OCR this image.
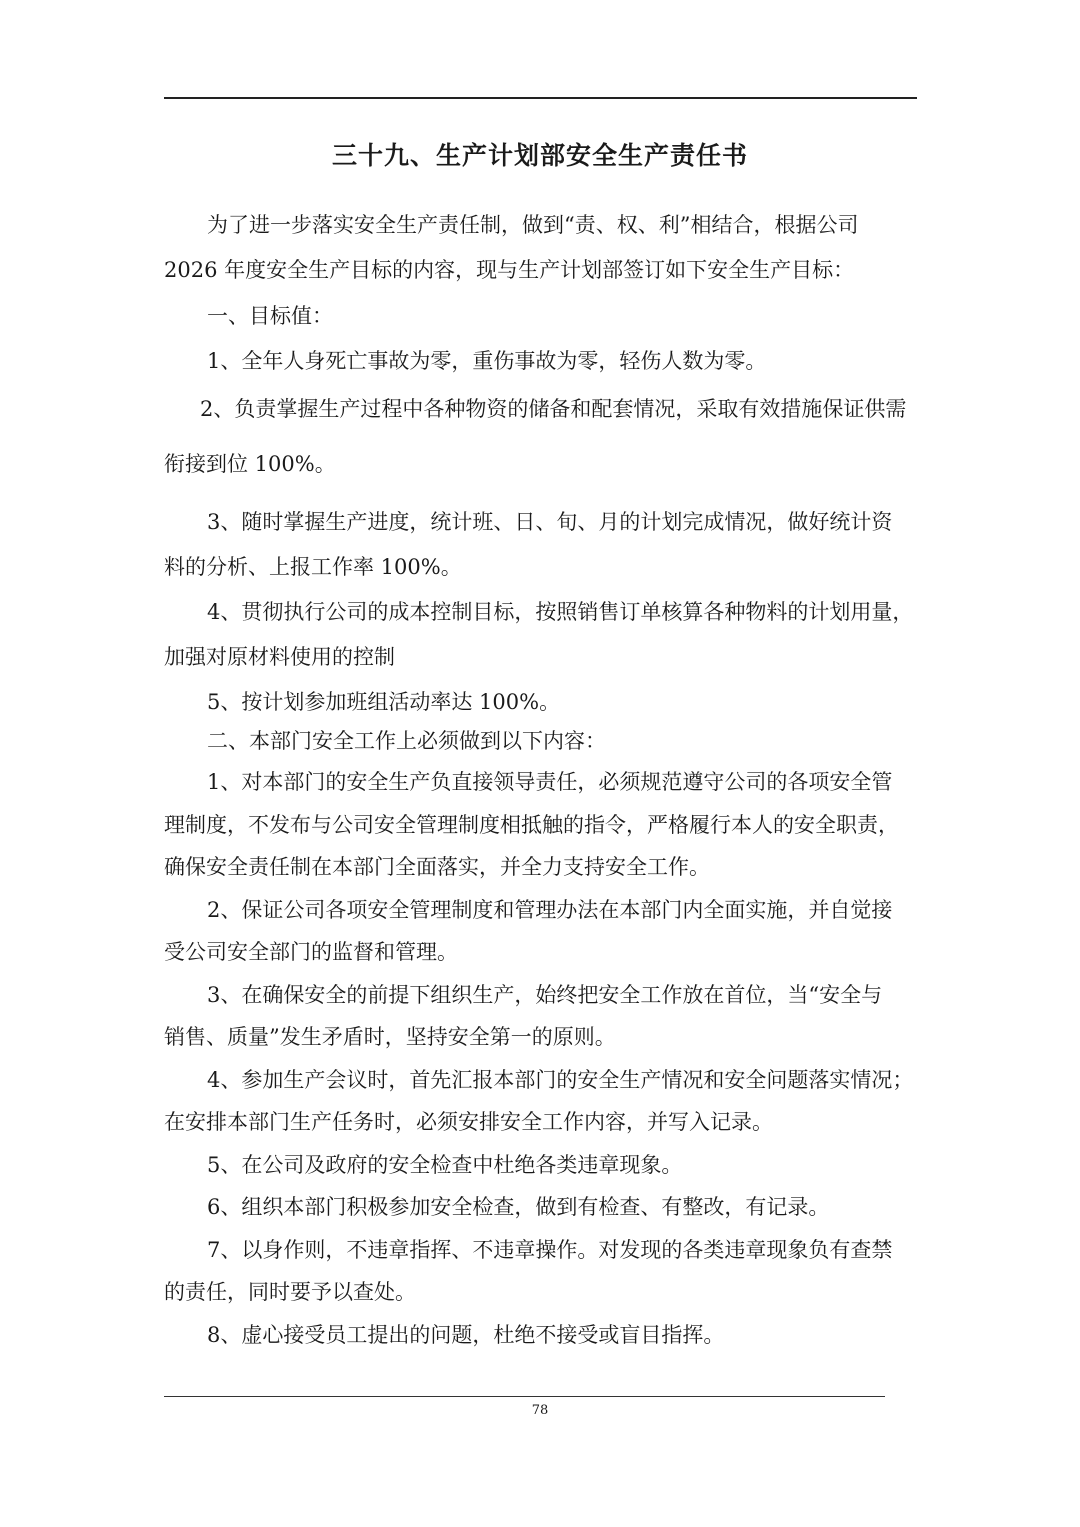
三十九、生产计划部安全生产责任书
为了进一步落实安全生产责任制，做到“责、权、利”相结合，根据公司
2026 年度安全生产目标的内容，现与生产计划部签订如下安全生产目标：
一、目标值：
1、全年人身死亡事故为零，重伤事故为零，轻伤人数为零。
2、负责掌握生产过程中各种物资的储备和配套情况，采取有效措施保证供需
衔接到位 100%。
3、随时掌握生产进度，统计班、日、旬、月的计划完成情况，做好统计资
料的分析、上报工作率 100%。
4、贯彻执行公司的成本控制目标，按照销售订单核算各种物料的计划用量，
加强对原材料使用的控制
5、按计划参加班组活动率达 100%。
二、本部门安全工作上必须做到以下内容：
1、对本部门的安全生产负直接领导责任，必须规范遵守公司的各项安全管
理制度，不发布与公司安全管理制度相抵触的指令，严格履行本人的安全职责，
确保安全责任制在本部门全面落实，并全力支持安全工作。
2、保证公司各项安全管理制度和管理办法在本部门内全面实施，并自觉接
受公司安全部门的监督和管理。
3、在确保安全的前提下组织生产，始终把安全工作放在首位，当“安全与
销售、质量”发生矛盾时，坚持安全第一的原则。
4、参加生产会议时，首先汇报本部门的安全生产情况和安全问题落实情况；
在安排本部门生产任务时，必须安排安全工作内容，并写入记录。
5、在公司及政府的安全检查中杜绝各类违章现象。
6、组织本部门积极参加安全检查，做到有检查、有整改，有记录。
7、以身作则，不违章指挥、不违章操作。对发现的各类违章现象负有查禁
的责任，同时要予以查处。
8、虚心接受员工提出的问题，杜绝不接受或盲目指挥。
78
